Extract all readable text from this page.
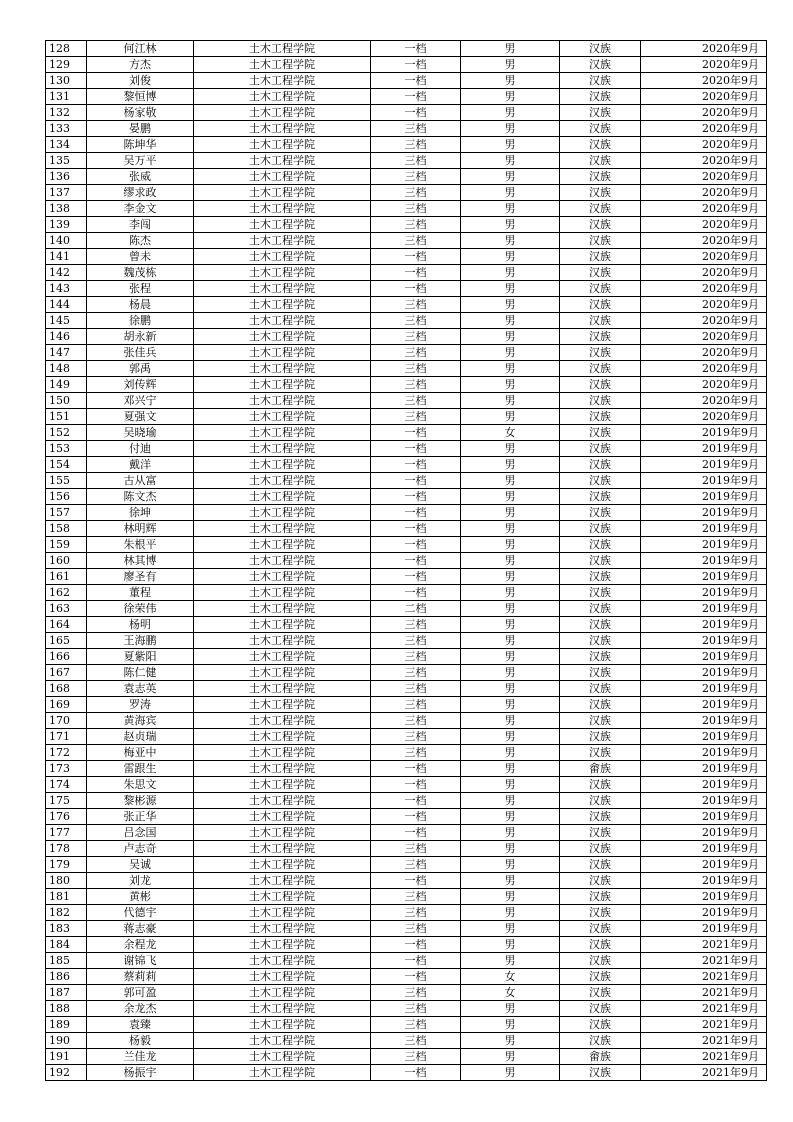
128	何江林	土木工程学院	一档	男	汉族	2020年9月
129	方杰	土木工程学院	一档	男	汉族	2020年9月
130	刘俊	土木工程学院	一档	男	汉族	2020年9月
131	黎恒博	土木工程学院	一档	男	汉族	2020年9月
132	杨家敬	土木工程学院	一档	男	汉族	2020年9月
133	晏鹏	土木工程学院	三档	男	汉族	2020年9月
134	陈坤华	土木工程学院	三档	男	汉族	2020年9月
135	吴万平	土木工程学院	三档	男	汉族	2020年9月
136	张威	土木工程学院	三档	男	汉族	2020年9月
137	缪求政	土木工程学院	三档	男	汉族	2020年9月
138	李金文	土木工程学院	三档	男	汉族	2020年9月
139	李闯	土木工程学院	三档	男	汉族	2020年9月
140	陈杰	土木工程学院	三档	男	汉族	2020年9月
141	曾未	土木工程学院	一档	男	汉族	2020年9月
142	魏茂栋	土木工程学院	一档	男	汉族	2020年9月
143	张程	土木工程学院	一档	男	汉族	2020年9月
144	杨晨	土木工程学院	三档	男	汉族	2020年9月
145	徐鹏	土木工程学院	三档	男	汉族	2020年9月
146	胡永新	土木工程学院	三档	男	汉族	2020年9月
147	张佳兵	土木工程学院	三档	男	汉族	2020年9月
148	郭禹	土木工程学院	三档	男	汉族	2020年9月
149	刘传辉	土木工程学院	三档	男	汉族	2020年9月
150	邓兴宁	土木工程学院	三档	男	汉族	2020年9月
151	夏强文	土木工程学院	三档	男	汉族	2020年9月
152	吴晓瑜	土木工程学院	一档	女	汉族	2019年9月
153	付迪	土木工程学院	一档	男	汉族	2019年9月
154	戴洋	土木工程学院	一档	男	汉族	2019年9月
155	古从富	土木工程学院	一档	男	汉族	2019年9月
156	陈文杰	土木工程学院	一档	男	汉族	2019年9月
157	徐坤	土木工程学院	一档	男	汉族	2019年9月
158	林明辉	土木工程学院	一档	男	汉族	2019年9月
159	朱根平	土木工程学院	一档	男	汉族	2019年9月
160	林其博	土木工程学院	一档	男	汉族	2019年9月
161	廖圣有	土木工程学院	一档	男	汉族	2019年9月
162	董程	土木工程学院	一档	男	汉族	2019年9月
163	徐荣伟	土木工程学院	二档	男	汉族	2019年9月
164	杨明	土木工程学院	三档	男	汉族	2019年9月
165	王海鹏	土木工程学院	三档	男	汉族	2019年9月
166	夏紫阳	土木工程学院	三档	男	汉族	2019年9月
167	陈仁健	土木工程学院	三档	男	汉族	2019年9月
168	袁志英	土木工程学院	三档	男	汉族	2019年9月
169	罗涛	土木工程学院	三档	男	汉族	2019年9月
170	黄海宾	土木工程学院	三档	男	汉族	2019年9月
171	赵贞瑞	土木工程学院	三档	男	汉族	2019年9月
172	梅亚中	土木工程学院	三档	男	汉族	2019年9月
173	雷跟生	土木工程学院	一档	男	畲族	2019年9月
174	朱思文	土木工程学院	一档	男	汉族	2019年9月
175	黎彬源	土木工程学院	一档	男	汉族	2019年9月
176	张正华	土木工程学院	一档	男	汉族	2019年9月
177	吕念国	土木工程学院	一档	男	汉族	2019年9月
178	卢志奇	土木工程学院	三档	男	汉族	2019年9月
179	吴诚	土木工程学院	三档	男	汉族	2019年9月
180	刘龙	土木工程学院	一档	男	汉族	2019年9月
181	黄彬	土木工程学院	三档	男	汉族	2019年9月
182	代德宇	土木工程学院	三档	男	汉族	2019年9月
183	蒋志豪	土木工程学院	三档	男	汉族	2019年9月
184	余程龙	土木工程学院	一档	男	汉族	2021年9月
185	谢锦飞	土木工程学院	一档	男	汉族	2021年9月
186	蔡莉莉	土木工程学院	一档	女	汉族	2021年9月
187	郭可盈	土木工程学院	三档	女	汉族	2021年9月
188	余龙杰	土木工程学院	三档	男	汉族	2021年9月
189	袁臻	土木工程学院	三档	男	汉族	2021年9月
190	杨毅	土木工程学院	三档	男	汉族	2021年9月
191	兰佳龙	土木工程学院	三档	男	畲族	2021年9月
192	杨振宇	土木工程学院	一档	男	汉族	2021年9月
